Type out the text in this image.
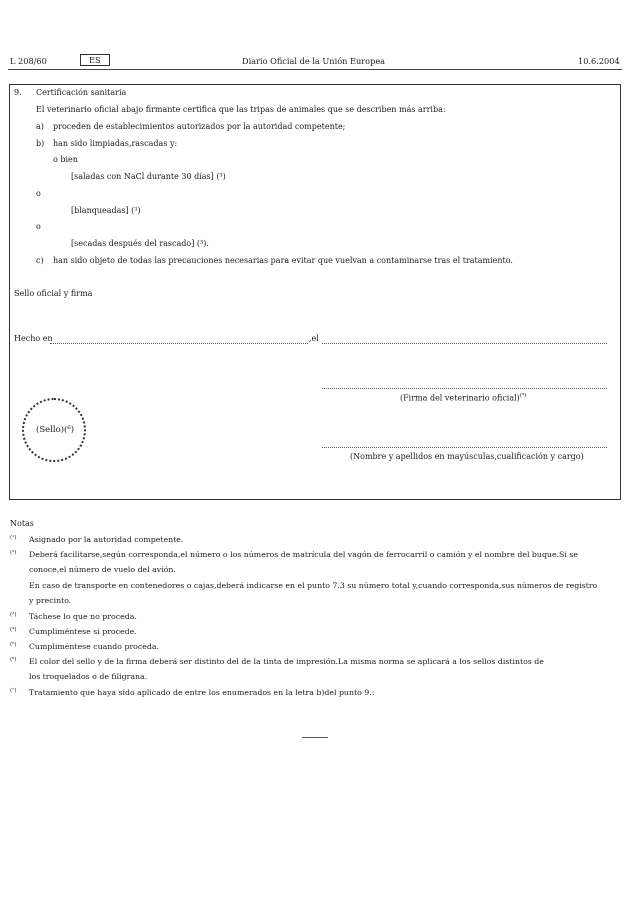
L 208/60	ES	Diario Oficial de la Unión Europea	10.6.2004
9. Certificación sanitaria
El veterinario oficial abajo firmante certifica que las tripas de animales que se describen más arriba:
a) proceden de establecimientos autorizados por la autoridad competente;
b) han sido limpiadas,rascadas y:
o bien
[saladas con NaCl durante 30 días] (³)
o
[blanqueadas] (³)
o
[secadas después del rascado] (³).
c) han sido objeto de todas las precauciones necesarias para evitar que vuelvan a contaminarse tras el tratamiento.
Sello oficial y firma
Hecho en	,el
(Firma del veterinario oficial)$^{(^6)}$
(Sello)(⁶)
(Nombre y apellidos en mayúsculas,cualificación y cargo)
Notas
$^{(^1)}$ Asignado por la autoridad competente.
$^{(^2)}$ Deberá facilitarse,según corresponda,el número o los números de matrícula del vagón de ferrocarril o camión y el nombre del buque.Si se
conoce,el número de vuelo del avión.
En caso de transporte en contenedores o cajas,deberá indicarse en el punto 7.3 su número total y,cuando corresponda,sus números de registro
y precinto.
$^{(^3)}$ Táchese lo que no proceda.
$^{(^4)}$ Cumpliméntese si procede.
$^{(^5)}$ Cumpliméntese cuando proceda.
$^{(^6)}$ El color del sello y de la firma deberá ser distinto del de la tinta de impresión.La misma norma se aplicará a los sellos distintos de
los troquelados o de filigrana.
$^{(^7)}$ Tratamiento que haya sido aplicado de entre los enumerados en la letra b)del punto 9.:
